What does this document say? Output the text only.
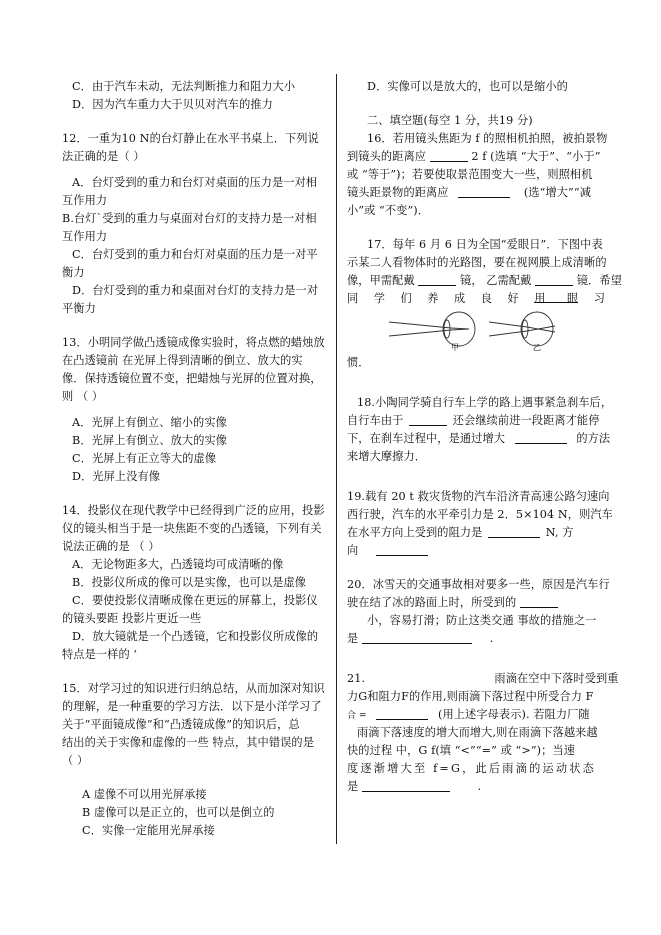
C．由于汽车未动，无法判断推力和阻力大小
D．因为汽车重力大于贝贝对汽车的推力
12．一重为10 N的台灯静止在水平书桌上．下列说
法正确的是（ ）
A．台灯受到的重力和台灯对桌面的压力是一对相
互作用力
B.台灯`受到的重力与桌面对台灯的支持力是一对相
互作用力
C．台灯受到的重力和台灯对桌面的压力是一对平
衡力
D．台灯受到的重力和桌面对台灯的支持力是一对
平衡力
13．小明同学做凸透镜成像实验时，将点燃的蜡烛放
在凸透镜前 在光屏上得到清晰的倒立、放大的实
像．保持透镜位置不变，把蜡烛与光屏的位置对换，
则 （ ）
A．光屏上有倒立、缩小的实像
B．光屏上有倒立、放大的实像
C．光屏上有正立等大的虚像
D．光屏上没有像
14．投影仪在现代教学中已经得到广泛的应用，投影
仪的镜头相当于是一块焦距不变的凸透镜，下列有关
说法正确的是 （ ）
A．无论物距多大，凸透镜均可成清晰的像
B．投影仪所成的像可以是实像，也可以是虚像
C．要使投影仪清晰成像在更远的屏幕上，投影仪
的镜头要距 投影片更近一些
D．放大镜就是一个凸透镜，它和投影仪所成像的
特点是一样的 ‘
15．对学习过的知识进行归纳总结，从而加深对知识
的理解，是一种重要的学习方法．以下是小洋学习了
关于“平面镜成像”和“凸透镜成像”的知识后，总
结出的关于实像和虚像的一些 特点，其中错误的是
（ ）
A 虚像不可以用光屏承接
B 虚像可以是正立的，也可以是倒立的
C．实像一定能用光屏承接
D．实像可以是放大的，也可以是缩小的
二、填空题(每空 1 分，共19 分)
16．若用镜头焦距为 f 的照相机拍照，被拍景物
到镜头的距离应	2 f (选填 “大于”、“小于”
或 “等于”)；若要使取景范围变大一些，则照相机
镜头距景物的距离应	(选“增大”“减
小”或 “不变”)．
17．每年 6 月 6 日为全国“爱眼日”．下图中表
示某二人看物体时的光路图，要在视网膜上成清晰的
像，甲需配戴	镜， 乙需配戴	镜．希望
同 学 们 养 成 良 好 用 眼 习
甲	乙
惯．
18.小陶同学骑自行车上学的路上遇事紧急刹车后，
自行车由于	还会继续前进一段距离才能停
下，在刹车过程中，是通过增大	的方法
来增大摩擦力．
19.载有 20 t 救灾货物的汽车沿济青高速公路匀速向
西行驶，汽车的水平牵引力是 2．5×104 N，则汽车
在水平方向上受到的阻力是	N, 方
向
20．冰雪天的交通事故相对要多一些，原因是汽车行
驶在结了冰的路面上时，所受到的
小，容易打滑；防止这类交通 事故的措施之一
是	.
21.	雨滴在空中下落时受到重
力G和阻力F的作用,则雨滴下落过程中所受合力 F
合 =	(用上述字母表示). 若阻力厂随
雨滴下落速度的增大而增大,则在雨滴下落越来越
快的过程 中，G f(填 “<”“=” 或 “>”)；当速
度逐渐增大至 f=G，此后雨滴的运动状态
是	.
